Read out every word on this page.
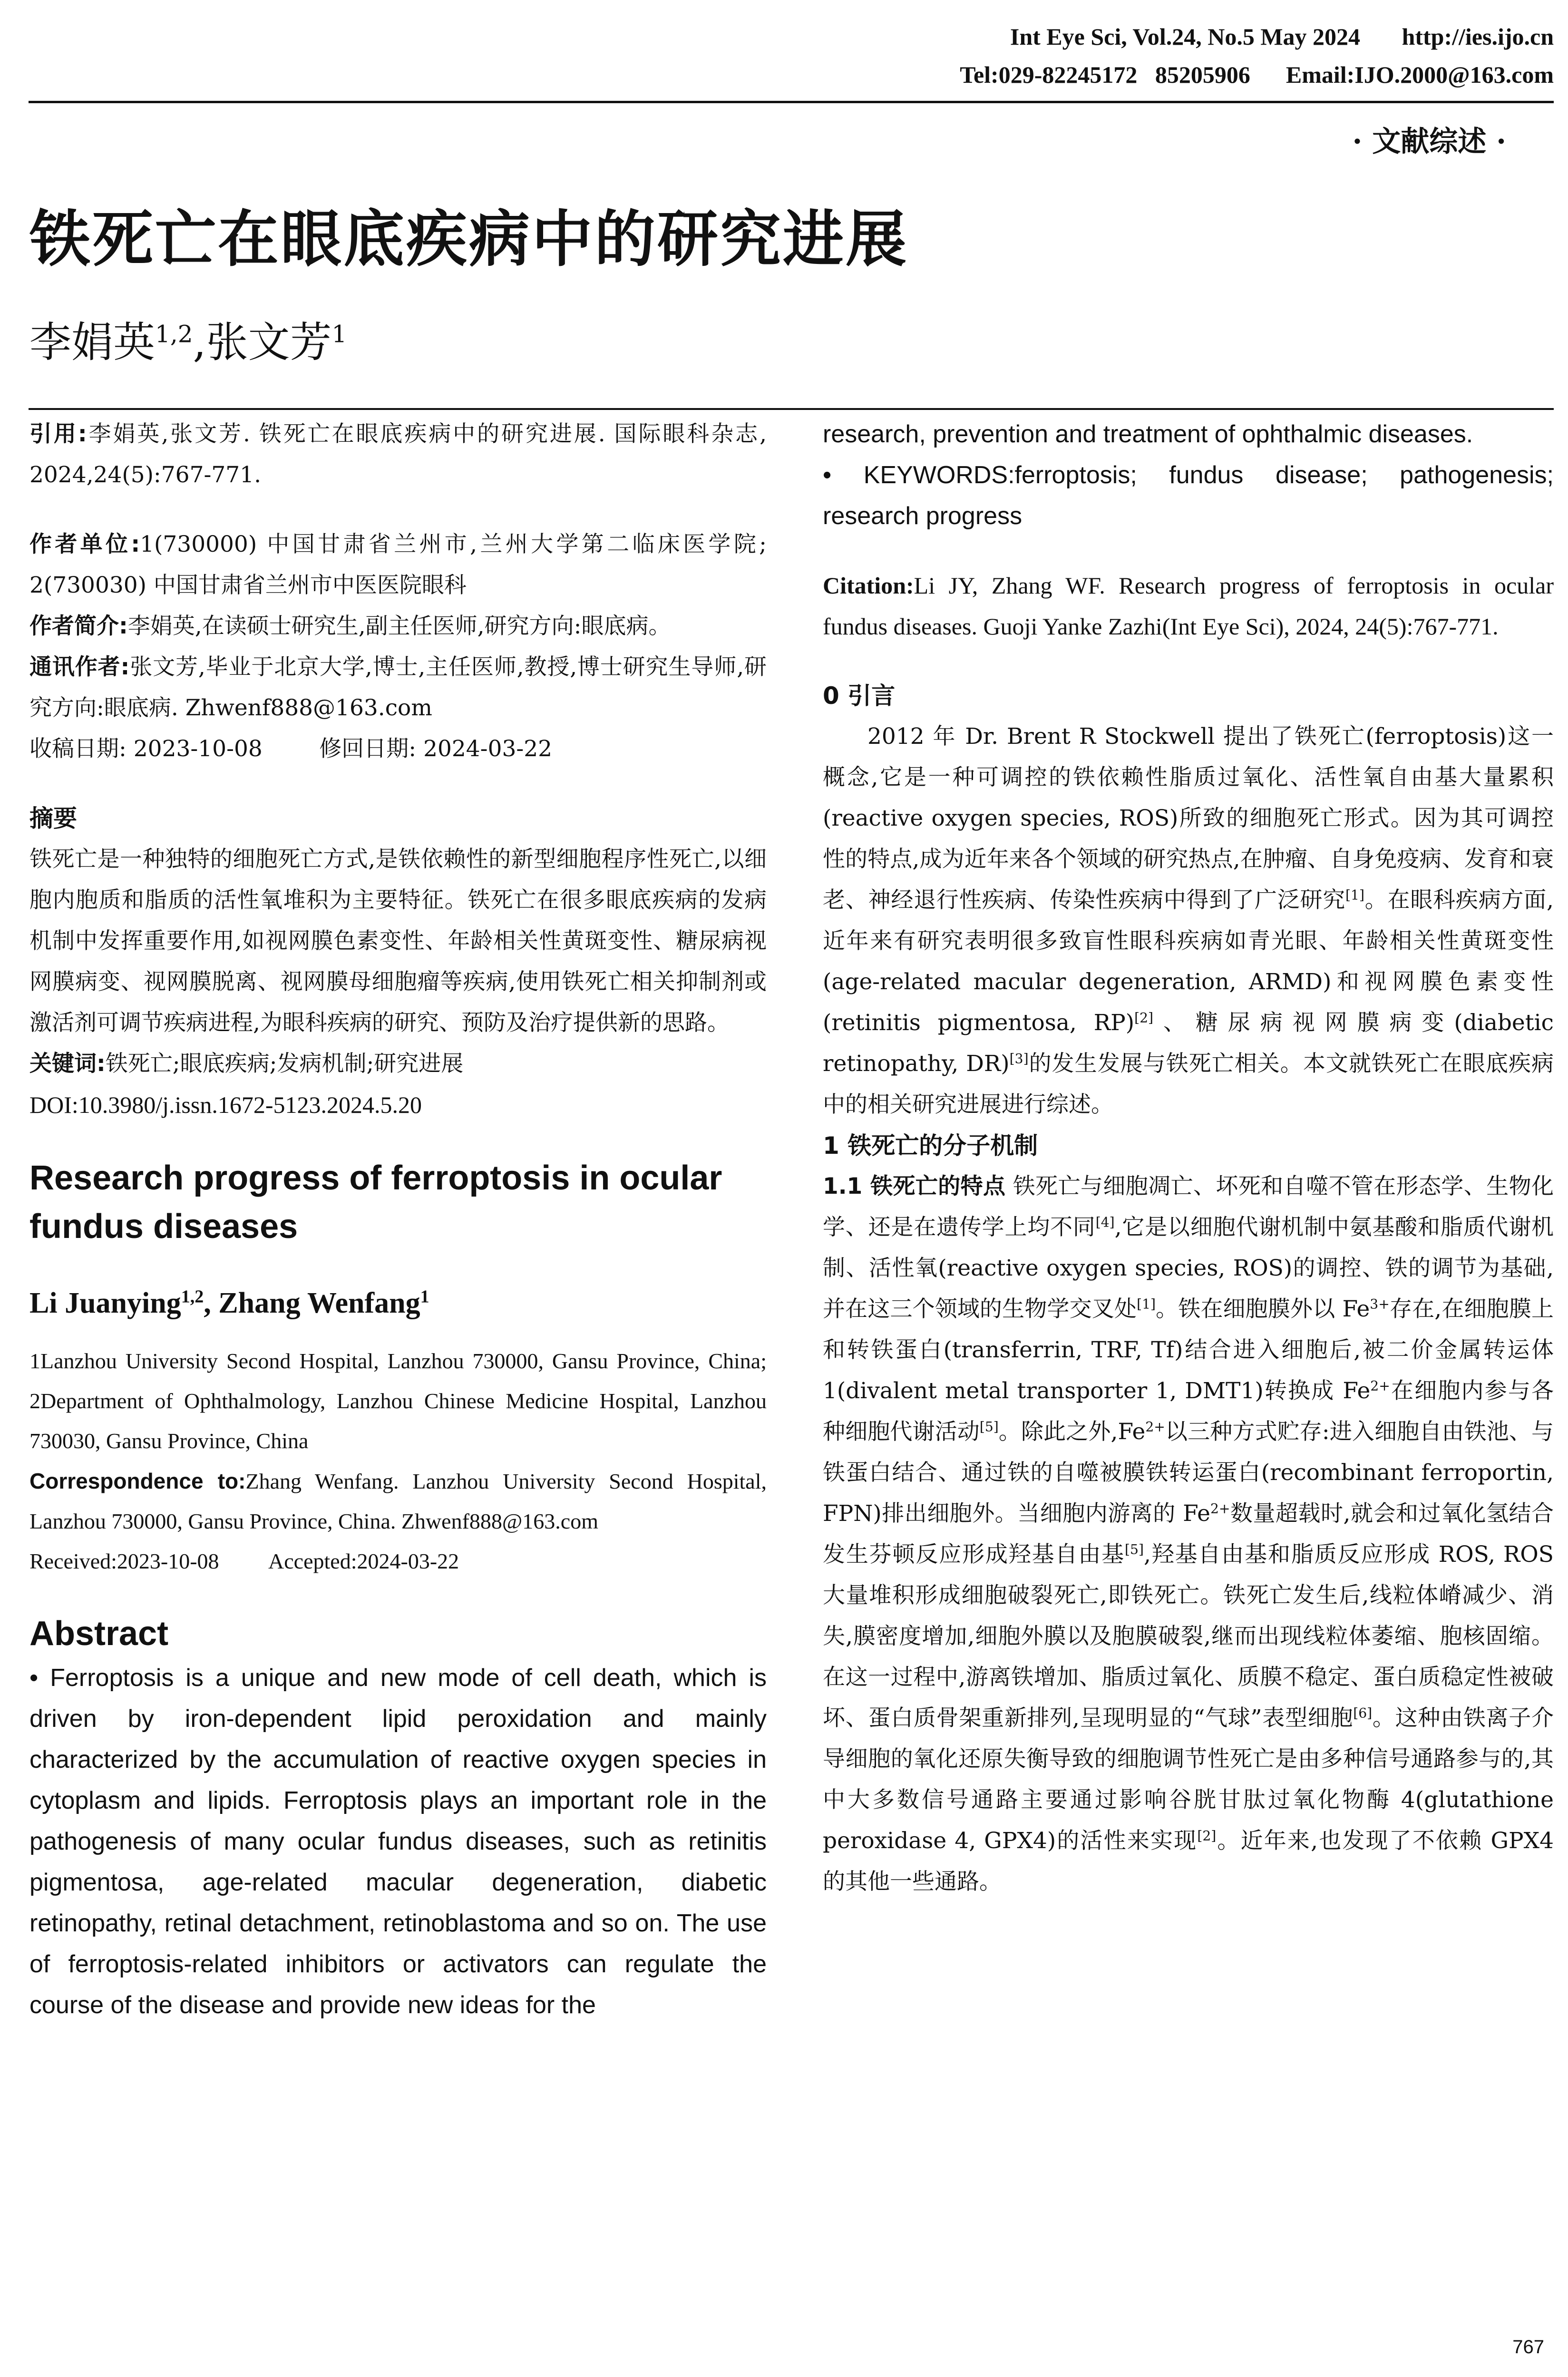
Int Eye Sci, Vol.24, No.5 May 2024 http://ies.ijo.cn
Tel:029-82245172   85205906 Email:IJO.2000@163.com
· 文献综述 ·
铁死亡在眼底疾病中的研究进展
李娟英$^{1,2}$,张文芳$^1$

引用:李娟英,张文芳. 铁死亡在眼底疾病中的研究进展. 国际眼科杂志, 2024,24(5):767-771.

作者单位:1(730000) 中国甘肃省兰州市,兰州大学第二临床医学院; 2(730030) 中国甘肃省兰州市中医医院眼科

作者简介:李娟英,在读硕士研究生,副主任医师,研究方向:眼底病。

通讯作者:张文芳,毕业于北京大学,博士,主任医师,教授,博士研究生导师,研究方向:眼底病. Zhwenf888@163.com

收稿日期: 2023-10-08	修回日期: 2024-03-22

摘要

铁死亡是一种独特的细胞死亡方式,是铁依赖性的新型细胞程序性死亡,以细胞内胞质和脂质的活性氧堆积为主要特征。铁死亡在很多眼底疾病的发病机制中发挥重要作用,如视网膜色素变性、年龄相关性黄斑变性、糖尿病视网膜病变、视网膜脱离、视网膜母细胞瘤等疾病,使用铁死亡相关抑制剂或激活剂可调节疾病进程,为眼科疾病的研究、预防及治疗提供新的思路。

关键词:铁死亡;眼底疾病;发病机制;研究进展

DOI:10.3980/j.issn.1672-5123.2024.5.20

Research progress of ferroptosis in ocular fundus diseases

Li Juanying$^{1,2}$, Zhang Wenfang$^1$

1Lanzhou University Second Hospital, Lanzhou 730000, Gansu Province, China; 2Department of Ophthalmology, Lanzhou Chinese Medicine Hospital, Lanzhou 730030, Gansu Province, China

Correspondence to:Zhang Wenfang. Lanzhou University Second Hospital, Lanzhou 730000, Gansu Province, China. Zhwenf888@163.com

Received:2023-10-08 Accepted:2024-03-22

Abstract

• Ferroptosis is a unique and new mode of cell death, which is driven by iron-dependent lipid peroxidation and mainly characterized by the accumulation of reactive oxygen species in cytoplasm and lipids. Ferroptosis plays an important role in the pathogenesis of many ocular fundus diseases, such as retinitis pigmentosa, age-related macular degeneration, diabetic retinopathy, retinal detachment, retinoblastoma and so on. The use of ferroptosis-related inhibitors or activators can regulate the course of the disease and provide new ideas for the

research, prevention and treatment of ophthalmic diseases.

• KEYWORDS:ferroptosis; fundus disease; pathogenesis; research progress

Citation:Li JY, Zhang WF. Research progress of ferroptosis in ocular fundus diseases. Guoji Yanke Zazhi(Int Eye Sci), 2024, 24(5):767-771.

0 引言

2012 年 Dr. Brent R Stockwell 提出了铁死亡(ferroptosis)这一概念,它是一种可调控的铁依赖性脂质过氧化、活性氧自由基大量累积(reactive oxygen species, ROS)所致的细胞死亡形式。因为其可调控性的特点,成为近年来各个领域的研究热点,在肿瘤、自身免疫病、发育和衰老、神经退行性疾病、传染性疾病中得到了广泛研究[1]。在眼科疾病方面,近年来有研究表明很多致盲性眼科疾病如青光眼、年龄相关性黄斑变性(age-related macular degeneration, ARMD)和视网膜色素变性(retinitis pigmentosa, RP)[2]、糖尿病视网膜病变(diabetic retinopathy, DR)[3]的发生发展与铁死亡相关。本文就铁死亡在眼底疾病中的相关研究进展进行综述。

1 铁死亡的分子机制

1.1 铁死亡的特点 铁死亡与细胞凋亡、坏死和自噬不管在形态学、生物化学、还是在遗传学上均不同[4],它是以细胞代谢机制中氨基酸和脂质代谢机制、活性氧(reactive oxygen species, ROS)的调控、铁的调节为基础,并在这三个领域的生物学交叉处[1]。铁在细胞膜外以 $Fe^{3+}$存在,在细胞膜上和转铁蛋白(transferrin, TRF, Tf)结合进入细胞后,被二价金属转运体 1(divalent metal transporter 1, DMT1)转换成 $Fe^{2+}$在细胞内参与各种细胞代谢活动[5]。除此之外$,Fe^{2+}$以三种方式贮存:进入细胞自由铁池、与铁蛋白结合、通过铁的自噬被膜铁转运蛋白(recombinant ferroportin, FPN)排出细胞外。当细胞内游离的 $Fe^{2+}$数量超载时,就会和过氧化氢结合发生芬顿反应形成羟基自由基[5],羟基自由基和脂质反应形成 ROS, ROS 大量堆积形成细胞破裂死亡,即铁死亡。铁死亡发生后,线粒体嵴减少、消失,膜密度增加,细胞外膜以及胞膜破裂,继而出现线粒体萎缩、胞核固缩。在这一过程中,游离铁增加、脂质过氧化、质膜不稳定、蛋白质稳定性被破坏、蛋白质骨架重新排列,呈现明显的“气球”表型细胞[6]。这种由铁离子介导细胞的氧化还原失衡导致的细胞调节性死亡是由多种信号通路参与的,其中大多数信号通路主要通过影响谷胱甘肽过氧化物酶 4(glutathione peroxidase 4, GPX4)的活性来实现[2]。近年来,也发现了不依赖 GPX4 的其他一些通路。

767
